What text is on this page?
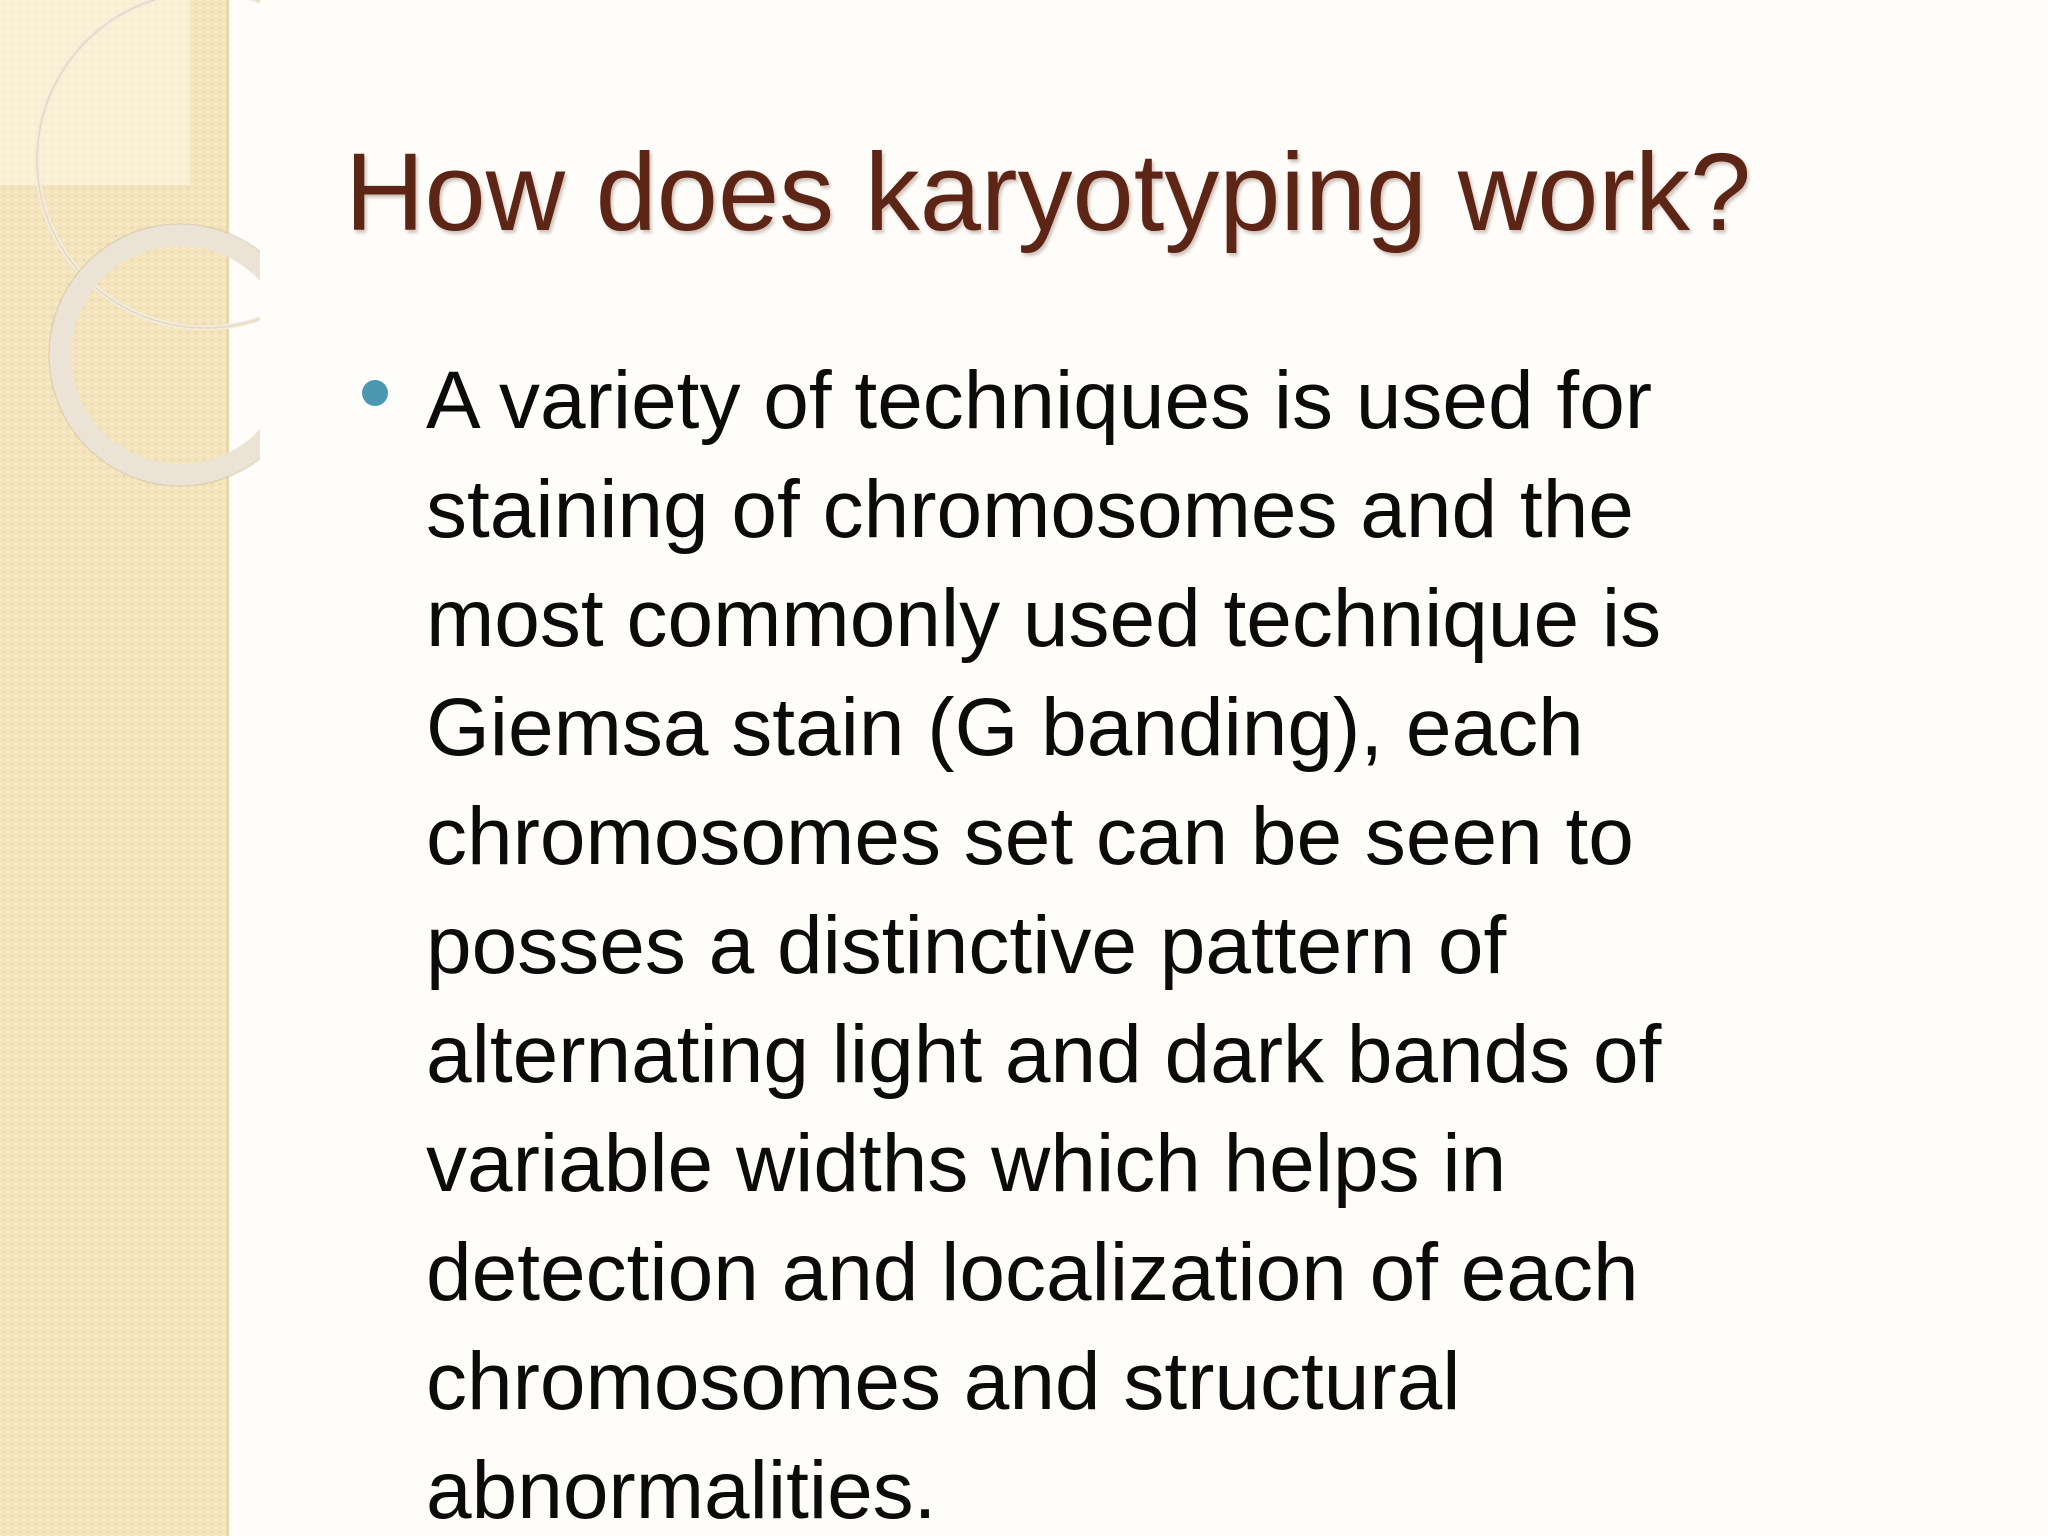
How does karyotyping work?
A variety of techniques is used for
staining of chromosomes and the
most commonly used technique is
Giemsa stain (G banding), each
chromosomes set can be seen to
posses a distinctive pattern of
alternating light and dark bands of
variable widths which helps in
detection and localization of each
chromosomes and structural
abnormalities.
